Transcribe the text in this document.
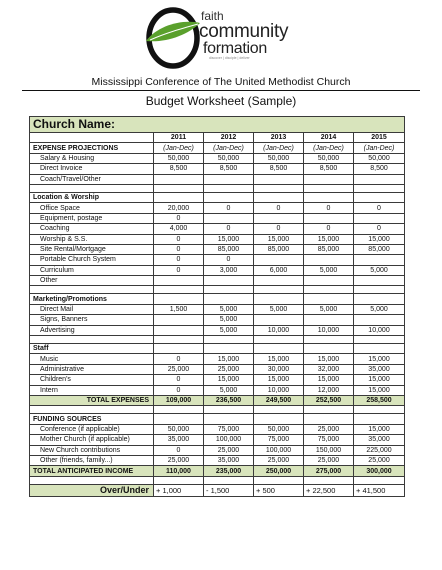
faith
community
formation
discover | disciple | deliver
Mississippi Conference of The United Methodist Church
Budget Worksheet (Sample)
Church Name:					
	2011	2012	2013	2014	2015
EXPENSE PROJECTIONS	(Jan-Dec)	(Jan-Dec)	(Jan-Dec)	(Jan-Dec)	(Jan-Dec)
Salary & Housing	50,000	50,000	50,000	50,000	50,000
Direct Invoice	8,500	8,500	8,500	8,500	8,500
Coach/Travel/Other					

Location & Worship					
Office Space	20,000	0	0	0	0
Equipment, postage	0				
Coaching	4,000	0	0	0	0
Worship & S.S.	0	15,000	15,000	15,000	15,000
Site Rental/Mortgage	0	85,000	85,000	85,000	85,000
Portable Church System	0	0			
Curriculum	0	3,000	6,000	5,000	5,000
Other					

Marketing/Promotions					
Direct Mail	1,500	5,000	5,000	5,000	5,000
Signs, Banners		5,000			
Advertising		5,000	10,000	10,000	10,000

Staff					
Music	0	15,000	15,000	15,000	15,000
Administrative	25,000	25,000	30,000	32,000	35,000
Children's	0	15,000	15,000	15,000	15,000
Intern	0	5,000	10,000	12,000	15,000
TOTAL EXPENSES	109,000	236,500	249,500	252,500	258,500

FUNDING SOURCES					
Conference (if applicable)	50,000	75,000	50,000	25,000	15,000
Mother Church (if applicable)	35,000	100,000	75,000	75,000	35,000
New Church contributions	0	25,000	100,000	150,000	225,000
Other (friends, family...)	25,000	35,000	25,000	25,000	25,000
TOTAL ANTICIPATED INCOME	110,000	235,000	250,000	275,000	300,000

Over/Under	+ 1,000	- 1,500	+ 500	+ 22,500	+ 41,500
